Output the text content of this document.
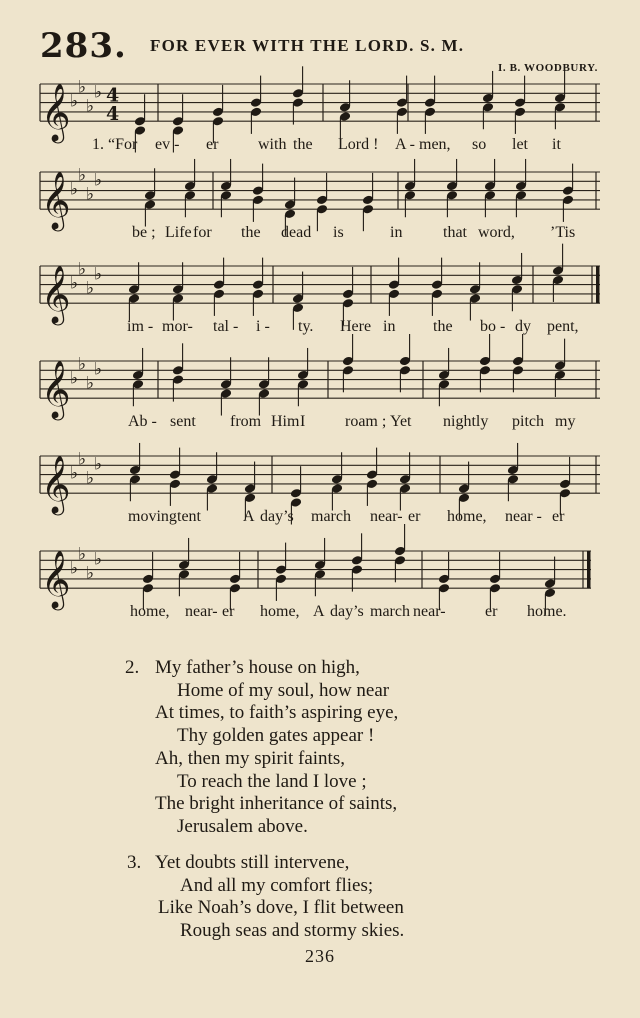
283. FOR EVER WITH THE LORD. S. M.
I. B. WOODBURY.
𝄞 ♭
♭
♭
♭ 4
4
1. “For ev - er with the Lord ! A - men, so let it
𝄞 ♭
♭
♭
♭
be ; Life for the dead is	in	that word, ’Tis
𝄞 ♭
♭
♭
♭
im - mor- tal - i - ty. Here in the bo - dy pent,
𝄞 ♭
♭
♭
♭
Ab - sent from Him I roam ; Yet nightly pitch my
𝄞 ♭
♭
♭
♭
moving tent	A day’s march near- er home, near - er
𝄞 ♭
♭
♭
♭
home, near- er home, A day’s march near- er home.
2. My father’s house on high,
Home of my soul, how near
At times, to faith’s aspiring eye,
Thy golden gates appear !
Ah, then my spirit faints,
To reach the land I love ;
The bright inheritance of saints,
Jerusalem above.
3. Yet doubts still intervene,
And all my comfort flies;
Like Noah’s dove, I flit between
Rough seas and stormy skies.
236
